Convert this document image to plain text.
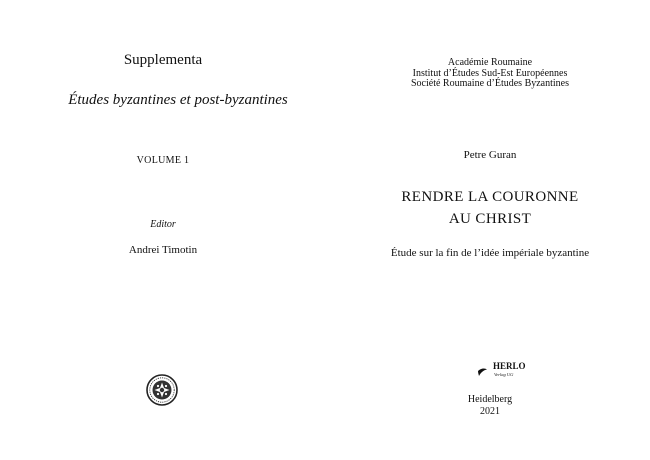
Supplementa
Études byzantines et post-byzantines
VOLUME 1
Editor
Andrei Timotin
Académie Roumaine
Institut d’Études Sud-Est Européennes
Société Roumaine d’Études Byzantines
Petre Guran
RENDRE LA COURONNE
AU CHRIST
Étude sur la fin de l’idée impériale byzantine
HERLO
Verlag UG
Heidelberg
2021
